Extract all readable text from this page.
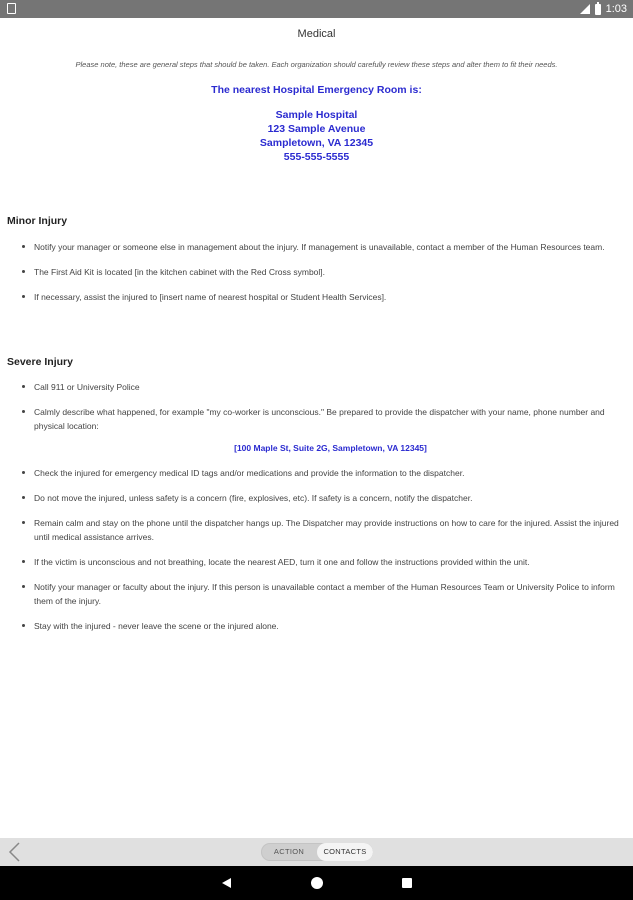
1:03
Medical
Please note, these are general steps that should be taken. Each organization should carefully review these steps and alter them to fit their needs.
The nearest Hospital Emergency Room is:
Sample Hospital
123 Sample Avenue
Sampletown, VA 12345
555-555-5555
Minor Injury
Notify your manager or someone else in management about the injury. If management is unavailable, contact a member of the Human Resources team.
The First Aid Kit is located [in the kitchen cabinet with the Red Cross symbol].
If necessary, assist the injured to [insert name of nearest hospital or Student Health Services].
Severe Injury
Call 911 or University Police
Calmly describe what happened, for example "my co-worker is unconscious." Be prepared to provide the dispatcher with your name, phone number and physical location:
[100 Maple St, Suite 2G, Sampletown, VA 12345]
Check the injured for emergency medical ID tags and/or medications and provide the information to the dispatcher.
Do not move the injured, unless safety is a concern (fire, explosives, etc). If safety is a concern, notify the dispatcher.
Remain calm and stay on the phone until the dispatcher hangs up. The Dispatcher may provide instructions on how to care for the injured. Assist the injured until medical assistance arrives.
If the victim is unconscious and not breathing, locate the nearest AED, turn it one and follow the instructions provided within the unit.
Notify your manager or faculty about the injury. If this person is unavailable contact a member of the Human Resources Team or University Police to inform them of the injury.
Stay with the injured - never leave the scene or the injured alone.
ACTION	CONTACTS
